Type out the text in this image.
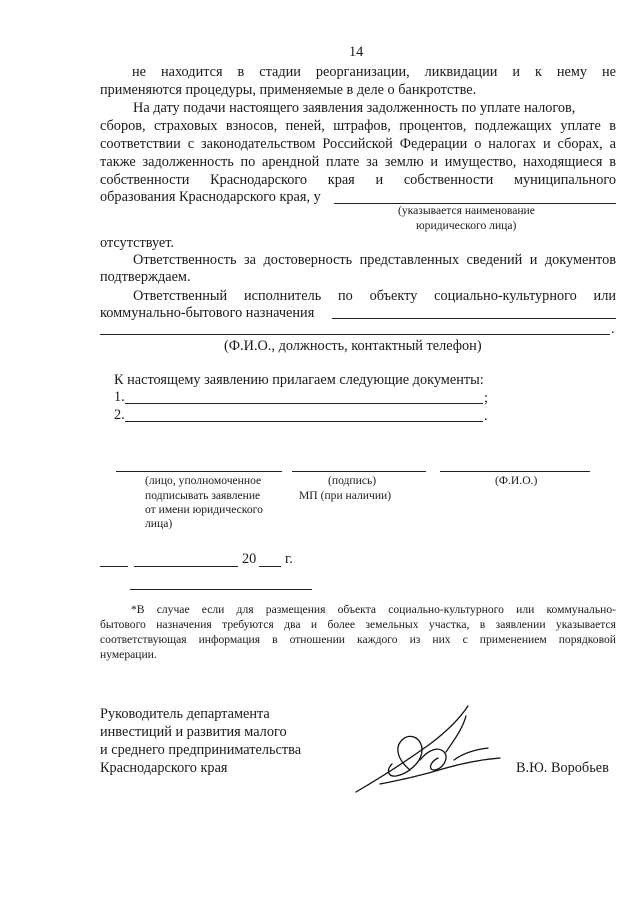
14
не находится в стадии реорганизации, ликвидации и к нему не
применяются процедуры, применяемые в деле о банкротстве.
На дату подачи настоящего заявления задолженность по уплате налогов,
сборов, страховых взносов, пеней, штрафов, процентов, подлежащих уплате в
соответствии с законодательством Российской Федерации о налогах и сборах, а
также задолженность по арендной плате за землю и имущество, находящиеся в
собственности Краснодарского края и собственности муниципального
образования Краснодарского края, у
(указывается наименование
юридического лица)
отсутствует.
Ответственность за достоверность представленных сведений и документов
подтверждаем.
Ответственный исполнитель по объекту социально-культурного или
коммунально-бытового назначения
.
(Ф.И.О., должность, контактный телефон)
К настоящему заявлению прилагаем следующие документы:
1.	;
2.	.
(лицо, уполномоченное
подписывать заявление
от имени юридического
лица)
(подпись)
МП (при наличии)
(Ф.И.О.)
20 г.
*В случае если для размещения объекта социально-культурного или коммунально-
бытового назначения требуются два и более земельных участка, в заявлении указывается
соответствующая информация в отношении каждого из них с применением порядковой
нумерации.
Руководитель департамента
инвестиций и развития малого
и среднего предпринимательства
Краснодарского края	В.Ю. Воробьев
